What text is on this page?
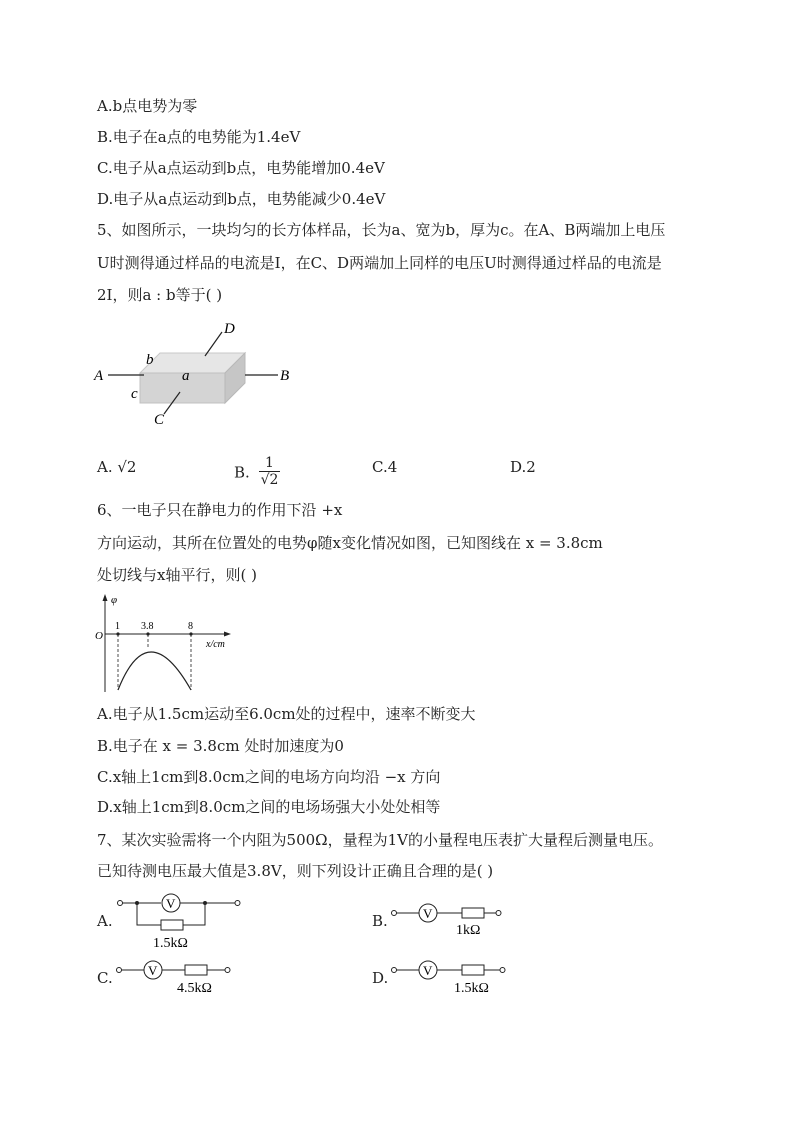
A.b点电势为零
B.电子在a点的电势能为1.4eV
C.电子从a点运动到b点，电势能增加0.4eV
D.电子从a点运动到b点，电势能减少0.4eV
5、如图所示，一块均匀的长方体样品，长为a、宽为b，厚为c。在A、B两端加上电压
U时测得通过样品的电流是I，在C、D两端加上同样的电压U时测得通过样品的电流是
2I，则a : b等于( )
A	B
C
D
a
b
c
A. √2	B. $\frac{1}{√2}$	C.4	D.2
6、一电子只在静电力的作用下沿 +x
方向运动，其所在位置处的电势φ随x变化情况如图，已知图线在 x = 3.8cm
处切线与x轴平行，则( )
φ
O
1 3.8	8
x/cm
A.电子从1.5cm运动至6.0cm处的过程中，速率不断变大
B.电子在 x = 3.8cm 处时加速度为0
C.x轴上1cm到8.0cm之间的电场方向均沿 −x 方向
D.x轴上1cm到8.0cm之间的电场场强大小处处相等
7、某次实验需将一个内阻为500Ω，量程为1V的小量程电压表扩大量程后测量电压。
已知待测电压最大值是3.8V，则下列设计正确且合理的是( )
A.
V
1.5kΩ
B.	V
1kΩ
C.	V
4.5kΩ
D.	V
1.5kΩ
